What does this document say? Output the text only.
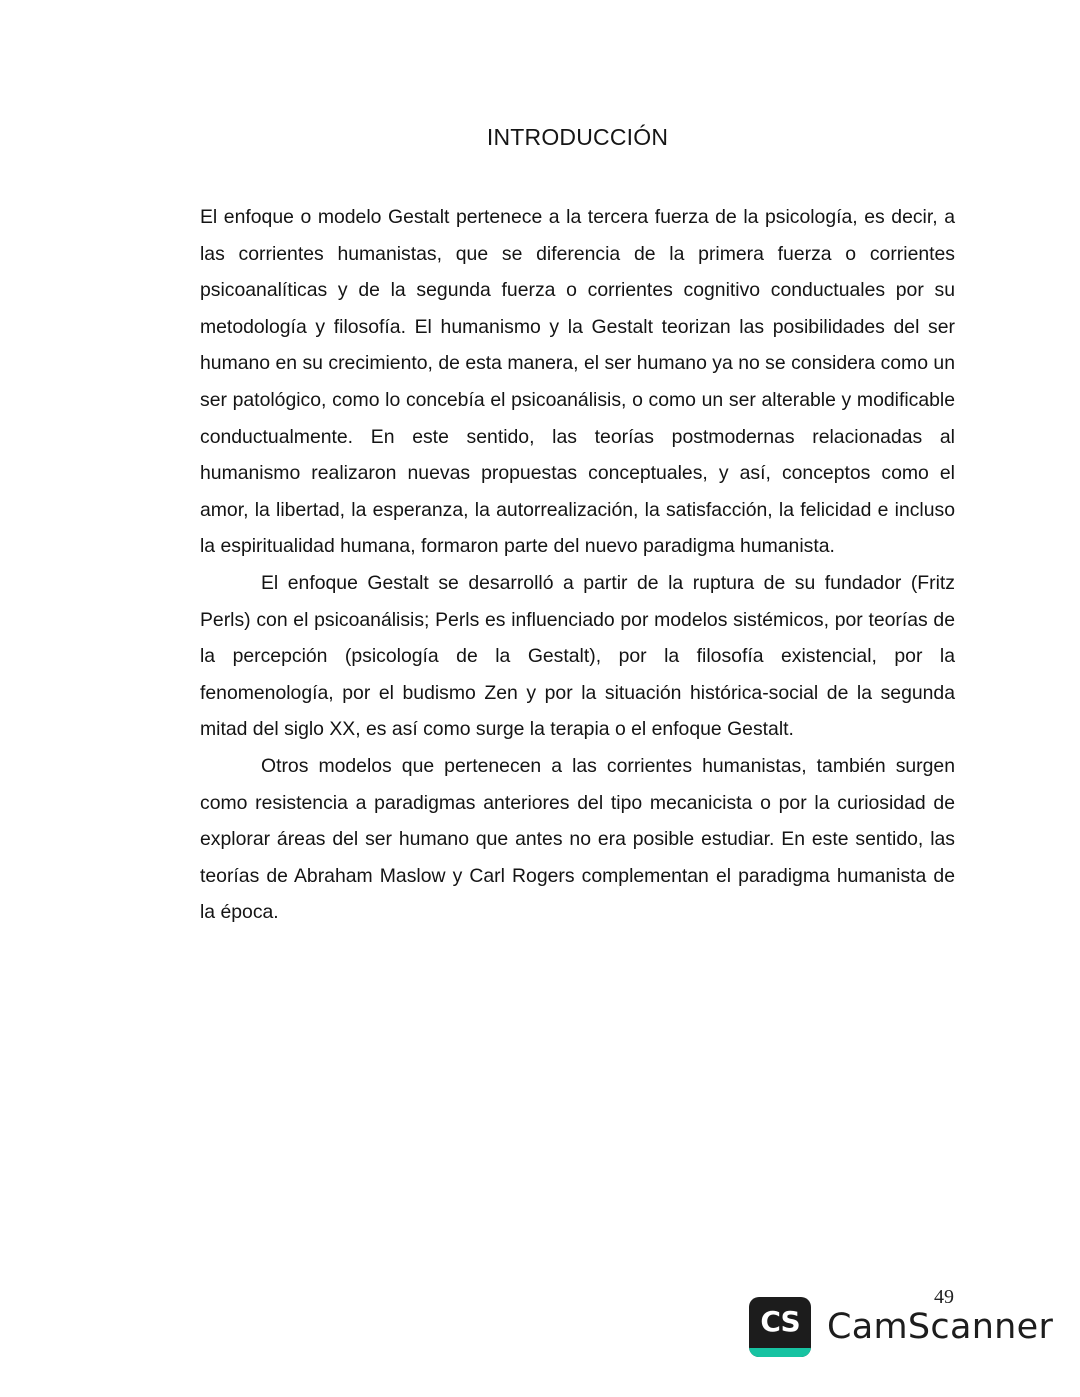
INTRODUCCIÓN

El enfoque o modelo Gestalt pertenece a la tercera fuerza de la psicología, es decir, a las corrientes humanistas, que se diferencia de la primera fuerza o corrientes psicoanalíticas y de la segunda fuerza o corrientes cognitivo conductuales por su metodología y filosofía. El humanismo y la Gestalt teorizan las posibilidades del ser humano en su crecimiento, de esta manera, el ser humano ya no se considera como un ser patológico, como lo concebía el psicoanálisis, o como un ser alterable y modificable conductualmente. En este sentido, las teorías postmodernas relacionadas al humanismo realizaron nuevas propuestas conceptuales, y así, conceptos como el amor, la libertad, la esperanza, la autorrealización, la satisfacción, la felicidad e incluso la espiritualidad humana, formaron parte del nuevo paradigma humanista.

El enfoque Gestalt se desarrolló a partir de la ruptura de su fundador (Fritz Perls) con el psicoanálisis; Perls es influenciado por modelos sistémicos, por teorías de la percepción (psicología de la Gestalt), por la filosofía existencial, por la fenomenología, por el budismo Zen y por la situación histórica-social de la segunda mitad del siglo XX, es así como surge la terapia o el enfoque Gestalt.

Otros modelos que pertenecen a las corrientes humanistas, también surgen como resistencia a paradigmas anteriores del tipo mecanicista o por la curiosidad de explorar áreas del ser humano que antes no era posible estudiar. En este sentido, las teorías de Abraham Maslow y Carl Rogers complementan el paradigma humanista de la época.

49
CS CamScanner
